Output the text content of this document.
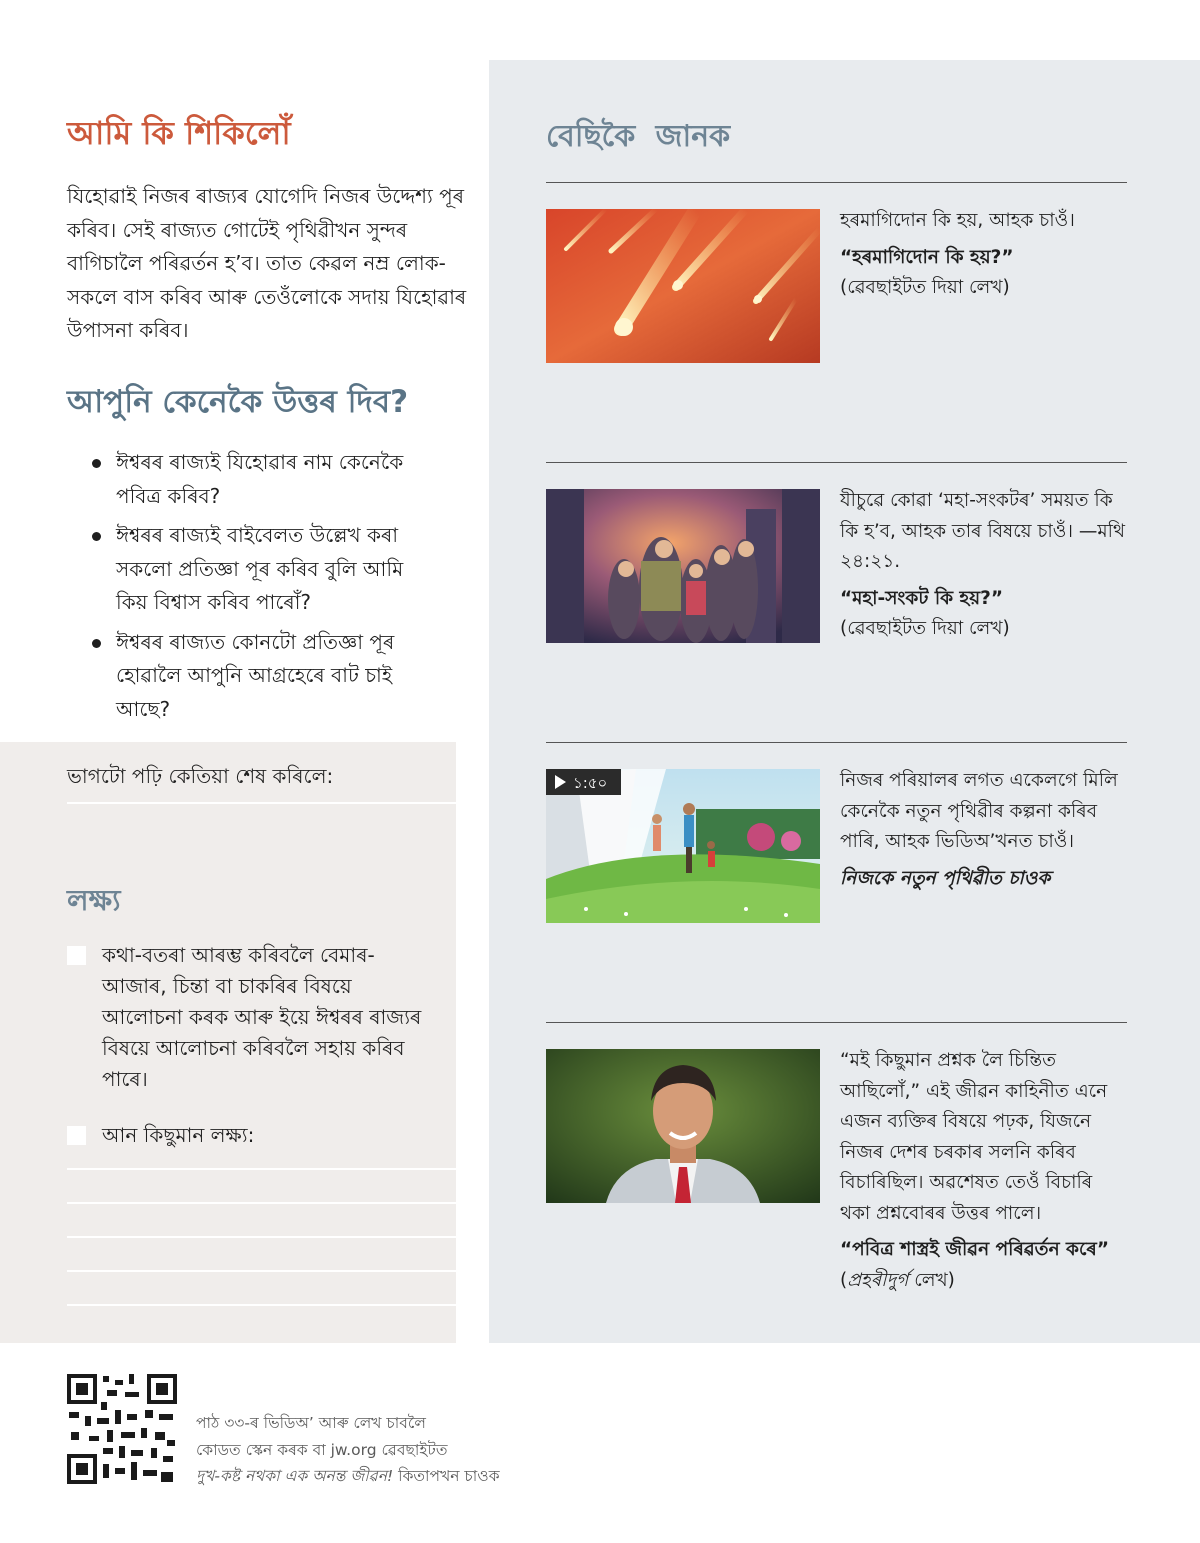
আমি কি শিকিলোঁ

যিহোৱাই নিজৰ ৰাজ্যৰ যোগেদি নিজৰ উদ্দেশ্য পূৰ কৰিব। সেই ৰাজ্যত গোটেই পৃথিৱীখন সুন্দৰ বাগিচালৈ পৰিৱৰ্তন হ’ব। তাত কেৱল নম্ৰ লোক-সকলে বাস কৰিব আৰু তেওঁলোকে সদায় যিহোৱাৰ উপাসনা কৰিব।

আপুনি কেনেকৈ উত্তৰ দিব?
ঈশ্বৰৰ ৰাজ্যই যিহোৱাৰ নাম কেনেকৈ পবিত্ৰ কৰিব?
ঈশ্বৰৰ ৰাজ্যই বাইবেলত উল্লেখ কৰা সকলো প্ৰতিজ্ঞা পূৰ কৰিব বুলি আমি কিয় বিশ্বাস কৰিব পাৰোঁ?
ঈশ্বৰৰ ৰাজ্যত কোনটো প্ৰতিজ্ঞা পূৰ হোৱালৈ আপুনি আগ্ৰহেৰে বাট চাই আছে?
ভাগটো পঢ়ি কেতিয়া শেষ কৰিলে:
লক্ষ্য
কথা-বতৰা আৰম্ভ কৰিবলৈ বেমাৰ-আজাৰ, চিন্তা বা চাকৰিৰ বিষয়ে আলোচনা কৰক আৰু ইয়ে ঈশ্বৰৰ ৰাজ্যৰ বিষয়ে আলোচনা কৰিবলৈ সহায় কৰিব পাৰে।
আন কিছুমান লক্ষ্য:
বেছিকৈ জানক

হৰমাগিদোন কি হয়, আহক চাওঁ।

“হৰমাগিদোন কি হয়?”

(ৱেবছাইটত দিয়া লেখ)

যীচুৱে কোৱা ‘মহা-সংকটৰ’ সময়ত কি কি হ’ব, আহক তাৰ বিষয়ে চাওঁ। —মথি ২৪:২১.

“মহা-সংকট কি হয়?”

(ৱেবছাইটত দিয়া লেখ)

১:৫০	নিজৰ পৰিয়ালৰ লগত একেলগে মিলি কেনেকৈ নতুন পৃথিৱীৰ কল্পনা কৰিব পাৰি, আহক ভিডিঅ’খনত চাওঁ।

নিজকে নতুন পৃথিৱীত চাওক

“মই কিছুমান প্ৰশ্নক লৈ চিন্তিত আছিলোঁ,” এই জীৱন কাহিনীত এনে এজন ব্যক্তিৰ বিষয়ে পঢ়ক, যিজনে নিজৰ দেশৰ চৰকাৰ সলনি কৰিব বিচাৰিছিল। অৱশেষত তেওঁ বিচাৰি থকা প্ৰশ্নবোৰৰ উত্তৰ পালে।

“পবিত্ৰ শাস্ত্ৰই জীৱন পৰিৱৰ্তন কৰে” (প্ৰহৰীদুৰ্গ লেখ)

পাঠ ৩৩-ৰ ভিডিঅ’ আৰু লেখ চাবলৈ

কোডত স্কেন কৰক বা jw.org ৱেবছাইটত

দুখ-কষ্ট নথকা এক অনন্ত জীৱন! কিতাপখন চাওক
